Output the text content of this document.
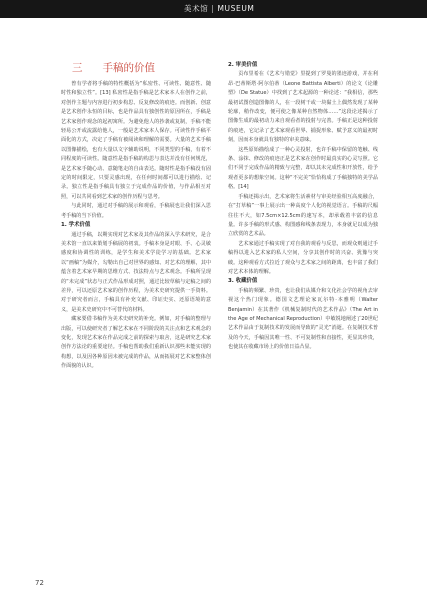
美术馆 | MUSEUM
三 手稿的价值

曾有学者将手稿的特性概括为“私密性、可读性、随意性、随时性和独立性”。[13] 私密性是指手稿是艺术家本人在创作之前，对创作主题与内容进行初步构思、反复修改的痕迹。而创新、创意是艺术创作永恒的目标，也是作品具有独创性的原因所在，手稿是艺术家创作观念的起初寓所。为避免他人的抄袭或复制，手稿不能轻易公开或流露给他人，一般是艺术家本人保存。可读性作手稿平面化的方式，决定了手稿有被阅读和理解的需要。大量的艺术手稿以图像描绘，也有大量以文字辅助说明，不同类型的手稿，有着不同程度的可读性。随意性是指手稿的构思与表达并没有任何规范，是艺术家手随心动、意随笔走的自由表达。随时性是指手稿没有固定的时间限定，只要灵感出现，在任何时间都可以进行描绘、记录。独立性是指手稿具有独立于完成作品的价值，与作品相互对照，可以共同看到艺术家的创作历程与思考。

与此同时，通过对手稿的展示和观看，手稿展也让我们深入思考手稿的当下价值。

1. 学术价值

通过手稿，以期实现对艺术家及其作品的深入学术研究，是合美术馆一直以来策划手稿展的初衷。手稿本身是对眼、手、心灵敏感度和协调性的训练，是学生和美术学徒学习的基础。艺术家以“画稿”为媒介，勾勒出自己对世界的感知、对艺术的理解，其中蕴含着艺术家早期的思维方式、技法特点与艺术观念。手稿所呈现的“未完成”状态与正式作品形成对照，通过比较草稿与定稿之间的差异，可以还原艺术家的创作历程，为美术史研究提供一手资料。对于研究者而言，手稿具有补充文献、印证史实、还原语境的意义，是美术史研究中不可替代的材料。

藏家要借书稿作为美术史研究的补充。例如，对手稿的整理与出版，可以使研究者了解艺术家在不同阶段的关注点和艺术观念的变化，发现艺术家在作品完成之前的探索与取舍，这是研究艺术家创作方法论的重要途径。手稿也帮助我们重新认识那些未能实现的构想，以及因各种原因未被完成的作品，从而拓展对艺术家整体创作面貌的认识。

2. 审美价值

贡布里希在《艺术与错觉》里提到了罗曼的墨迹游戏，并在利昂·巴蒂斯塔·阿尔伯蒂（Leone Battista Alberti）的论文《论雕塑》（De Statue）中找到了艺术起源的一种论述：“我相信，那些最初试图创造图像的人，在一段树干或一块黏土上偶然发现了某种轮廓，稍作改变，便可使之像某种自然物体……”这段论述揭示了图像生成的最初动力来自观看者的投射与完善。手稿正是这种投射的痕迹，它记录了艺术家观看世界、捕捉形象、赋予意义的最初时刻，因而本身就具有独特的审美意味。

这些原始描绘成了一种心灵投射，也许手稿中保留的笔触、线条、涂抹、修改的痕迹正是艺术家在创作时最真实的心灵写照。它们不同于完成作品的精致与完整，却以其未完成性和开放性，给予观者更多的想象空间。这种“不完美”恰恰构成了手稿独特的美学品格。[14]

手稿还揭示出，艺术家将生活素材与审美经验相互高度融合，在“打草稿”一事上展示出一种高度个人化的视觉语言。手稿的尺幅往往不大，如7.5cm×12.5cm的速写本，却承载着丰富的信息量。许多手稿的形式感、构图感和线条表现力，本身就足以成为独立欣赏的艺术品。

艺术家通过手稿实现了对自我的观看与反思，而观众则通过手稿得以进入艺术家的私人空间，分享其创作时的兴奋、犹豫与突破。这种观看方式拉近了观众与艺术家之间的距离，也丰富了我们对艺术本体的理解。

3. 收藏价值

手稿的频繁、珍贵，也让我们从媒介和文化社会学的视角去审视这个热门现象。德国文艺理论家瓦尔特·本雅明（Walter Benjamin）在其著作《机械复制时代的艺术作品》（The Art in the Age of Mechanical Reproduction）中敏锐地阐述了20世纪艺术作品由于复制技术的发展而导致的“灵光”消逝。在复制技术普及的今天，手稿因其唯一性、不可复制性和直接性，更显其珍贵，也使其在收藏市场上的价值日益凸显。

72
